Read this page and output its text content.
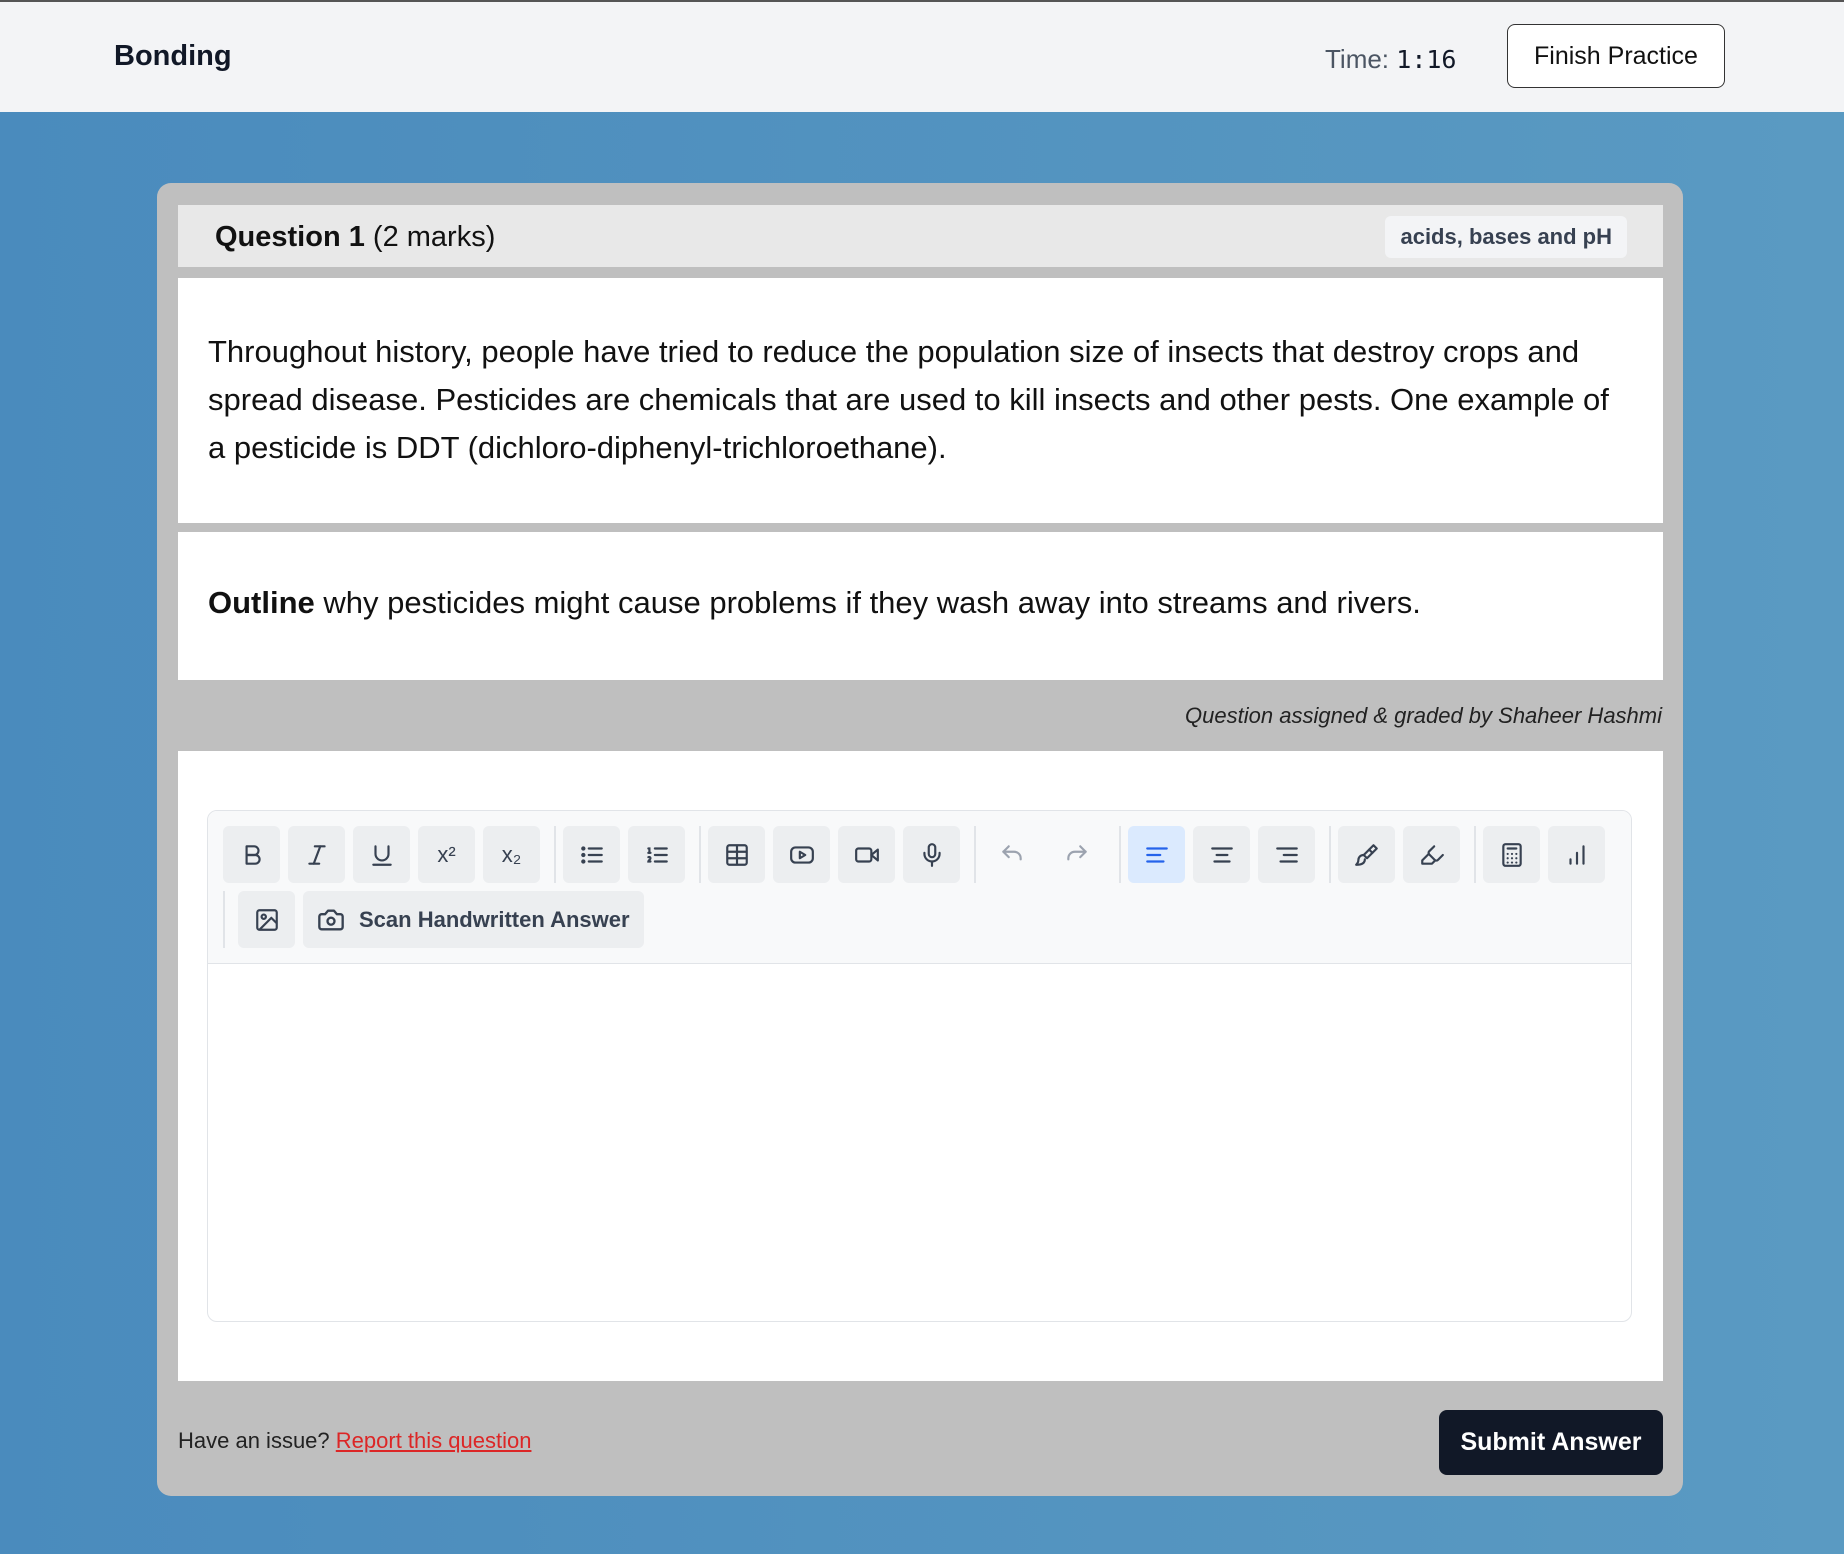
Bonding	Time: 1:16	Finish Practice
Question 1 (2 marks)	acids, bases and pH
Throughout history, people have tried to reduce the population size of insects that destroy crops and spread disease. Pesticides are chemicals that are used to kill insects and other pests. One example of a pesticide is DDT (dichloro-diphenyl-trichloroethane).
Outline why pesticides might cause problems if they wash away into streams and rivers.
Question assigned & graded by Shaheer Hashmi
x²	x₂
Scan Handwritten Answer
Have an issue? Report this question	Submit Answer
